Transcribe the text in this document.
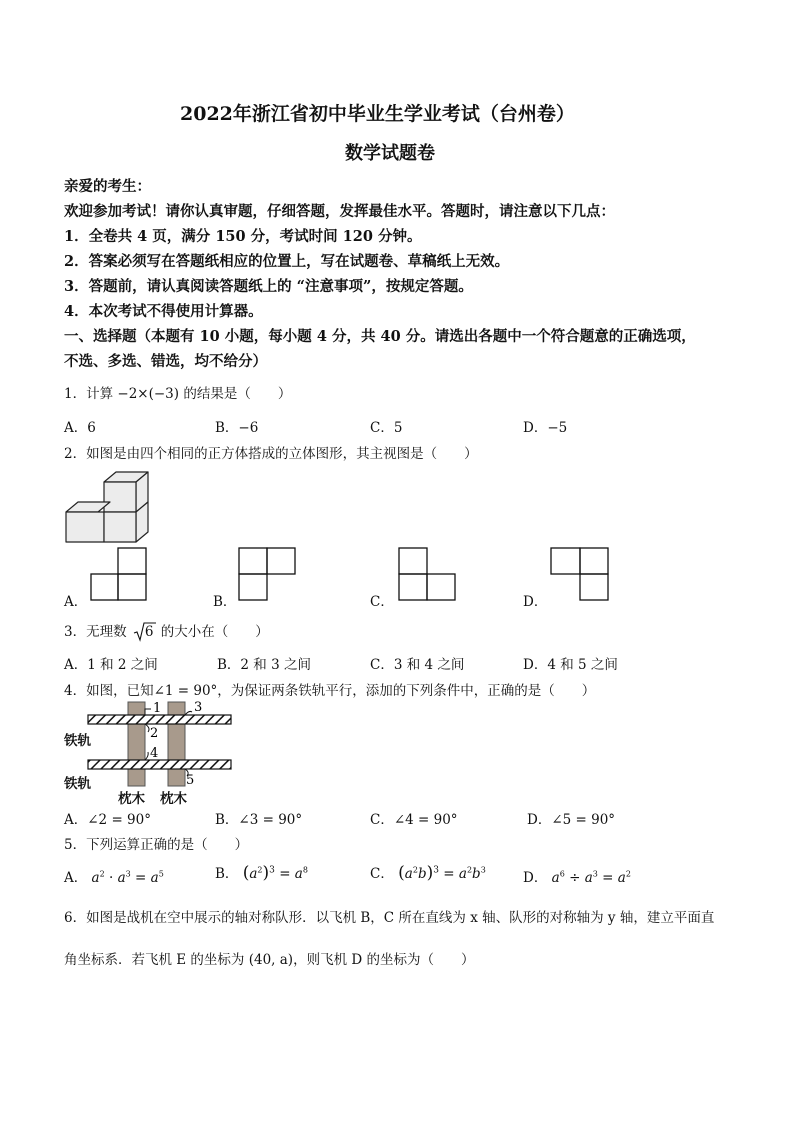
2022年浙江省初中毕业生学业考试（台州卷）
数学试题卷
亲爱的考生：
欢迎参加考试！请你认真审题，仔细答题，发挥最佳水平。答题时，请注意以下几点：
1．全卷共 4 页，满分 150 分，考试时间 120 分钟。
2．答案必须写在答题纸相应的位置上，写在试题卷、草稿纸上无效。
3．答题前，请认真阅读答题纸上的 “注意事项”，按规定答题。
4．本次考试不得使用计算器。
一、选择题（本题有 10 小题，每小题 4 分，共 40 分。请选出各题中一个符合题意的正确选项，
不选、多选、错选，均不给分）
1．计算 −2×(−3) 的结果是（　　）
A．6	B．−6	C．5	D．−5
2．如图是由四个相同的正方体搭成的立体图形，其主视图是（　　）
A．	B．	C．	D．
3．无理数 6 的大小在（　　）
A．1 和 2 之间	B．2 和 3 之间	C．3 和 4 之间	D．4 和 5 之间
4．如图，已知∠1 = 90°，为保证两条铁轨平行，添加的下列条件中，正确的是（　　）
1
2
4
3
5
铁轨
铁轨
枕木 枕木
A．∠2 = 90°	B．∠3 = 90°	C．∠4 = 90°	D．∠5 = 90°
5．下列运算正确的是（　　）
A． $a^2 \cdot a^3 = a^5$	B． $(a^2)^3 = a^8$	C． $(a^2b)^3 = a^2b^3$	D． $a^6 \div a^3 = a^2$
6．如图是战机在空中展示的轴对称队形．以飞机 B，C 所在直线为 x 轴、队形的对称轴为 y 轴，建立平面直
角坐标系．若飞机 E 的坐标为 (40, a)，则飞机 D 的坐标为（　　）
